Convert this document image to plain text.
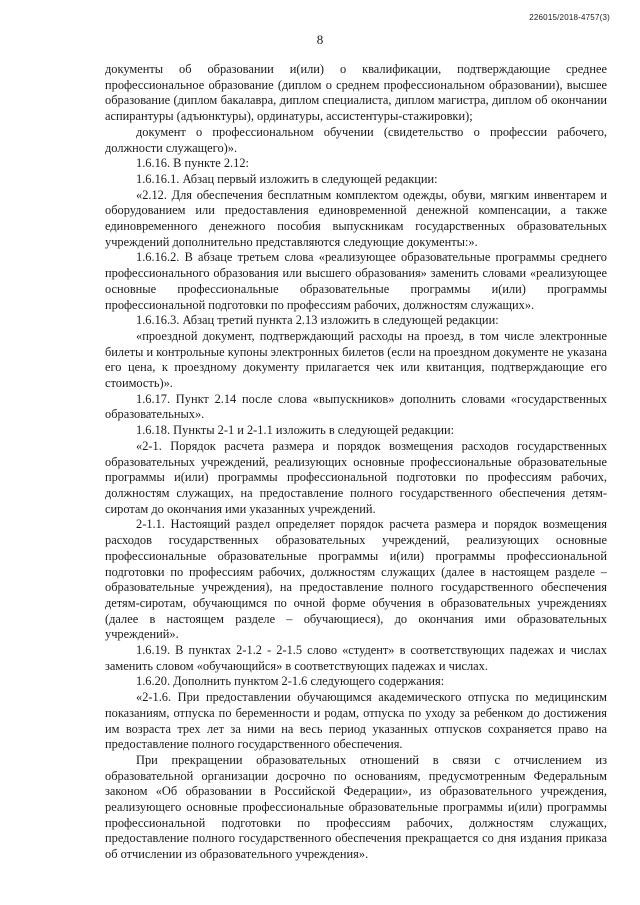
226015/2018-4757(3)
8

документы об образовании и(или) о квалификации, подтверждающие среднее профессиональное образование (диплом о среднем профессиональном образовании), высшее образование (диплом бакалавра, диплом специалиста, диплом магистра, диплом об окончании аспирантуры (адъюнктуры), ординатуры, ассистентуры-стажировки);

документ о профессиональном обучении (свидетельство о профессии рабочего, должности служащего)».

1.6.16. В пункте 2.12:

1.6.16.1. Абзац первый изложить в следующей редакции:

«2.12. Для обеспечения бесплатным комплектом одежды, обуви, мягким инвентарем и оборудованием или предоставления единовременной денежной компенсации, а также единовременного денежного пособия выпускникам государственных образовательных учреждений дополнительно представляются следующие документы:».

1.6.16.2. В абзаце третьем слова «реализующее образовательные программы среднего профессионального образования или высшего образования» заменить словами «реализующее основные профессиональные образовательные программы и(или) программы профессиональной подготовки по профессиям рабочих, должностям служащих».

1.6.16.3. Абзац третий пункта 2.13 изложить в следующей редакции:

«проездной документ, подтверждающий расходы на проезд, в том числе электронные билеты и контрольные купоны электронных билетов (если на проездном документе не указана его цена, к проездному документу прилагается чек или квитанция, подтверждающие его стоимость)».

1.6.17. Пункт 2.14 после слова «выпускников» дополнить словами «государственных образовательных».

1.6.18. Пункты 2-1 и 2-1.1 изложить в следующей редакции:

«2-1. Порядок расчета размера и порядок возмещения расходов государственных образовательных учреждений, реализующих основные профессиональные образовательные программы и(или) программы профессиональной подготовки по профессиям рабочих, должностям служащих, на предоставление полного государственного обеспечения детям-сиротам до окончания ими указанных учреждений.

2-1.1. Настоящий раздел определяет порядок расчета размера и порядок возмещения расходов государственных образовательных учреждений, реализующих основные профессиональные образовательные программы и(или) программы профессиональной подготовки по профессиям рабочих, должностям служащих (далее в настоящем разделе – образовательные учреждения), на предоставление полного государственного обеспечения детям-сиротам, обучающимся по очной форме обучения в образовательных учреждениях (далее в настоящем разделе – обучающиеся), до окончания ими образовательных учреждений».

1.6.19. В пунктах 2-1.2 - 2-1.5 слово «студент» в соответствующих падежах и числах заменить словом «обучающийся» в соответствующих падежах и числах.

1.6.20. Дополнить пунктом 2-1.6 следующего содержания:

«2-1.6. При предоставлении обучающимся академического отпуска по медицинским показаниям, отпуска по беременности и родам, отпуска по уходу за ребенком до достижения им возраста трех лет за ними на весь период указанных отпусков сохраняется право на предоставление полного государственного обеспечения.

При прекращении образовательных отношений в связи с отчислением из образовательной организации досрочно по основаниям, предусмотренным Федеральным законом «Об образовании в Российской Федерации», из образовательного учреждения, реализующего основные профессиональные образовательные программы и(или) программы профессиональной подготовки по профессиям рабочих, должностям служащих, предоставление полного государственного обеспечения прекращается со дня издания приказа об отчислении из образовательного учреждения».
